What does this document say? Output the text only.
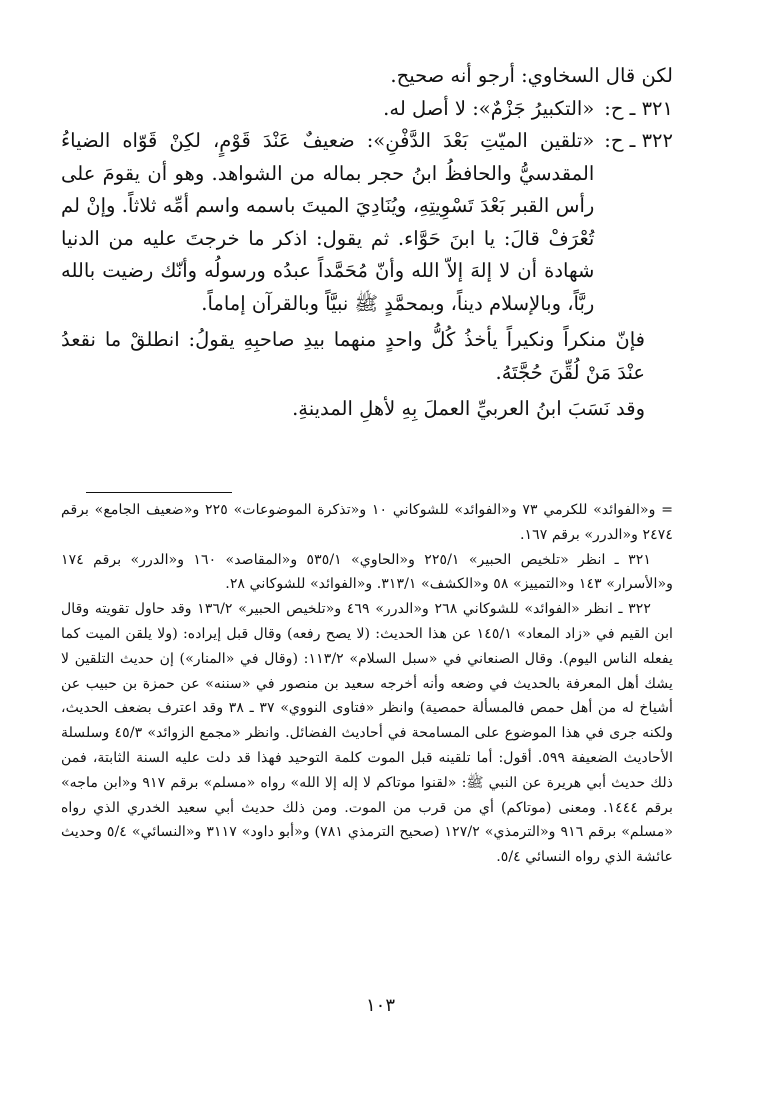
لكن قال السخاوي: أرجو أنه صحيح.

٣٢١ ـ ح:
«التكبيرُ جَزْمٌ»: لا أصل له.
٣٢٢ ـ ح:
«تلقين الميّتِ بَعْدَ الدَّفْنِ»: ضعيفٌ عَنْدَ قَوْمٍ، لكِنْ قَوّاه الضياءُ المقدسيُّ والحافظُ ابنُ حجر بماله من الشواهد. وهو أن يقومَ على رأس القبر بَعْدَ تَسْوِيتِهِ، ويُنَادِيَ الميتَ باسمه واسم أمِّه ثلاثاً. وإنْ لم تُعْرَفْ قالَ: يا ابنَ حَوَّاء. ثم يقول: اذكر ما خرجتَ عليه من الدنيا شهادة أن لا إلهَ إلاّ الله وأنّ مُحَمَّداً عبدُه ورسولُه وأنّك رضيت بالله ربَّاً، وبالإسلام ديناً، وبمحمَّدٍ ﷺ نبيَّاً وبالقرآن إماماً.

فإنّ منكراً ونكيراً يأخذُ كُلُّ واحدٍ منهما بيدِ صاحبِهِ يقولُ: انطلقْ ما نقعدُ عنْدَ مَنْ لُقِّنَ حُجَّتَهُ.

وقد نَسَبَ ابنُ العربيِّ العملَ بِهِ لأهلِ المدينةِ.

= و«الفوائد» للكرمي ٧٣ و«الفوائد» للشوكاني ١٠ و«تذكرة الموضوعات» ٢٢٥ و«ضعيف الجامع» برقم ٢٤٧٤ و«الدرر» برقم ١٦٧.

٣٢١ ـ انظر «تلخيص الحبير» ٢٢٥/١ و«الحاوي» ٥٣٥/١ و«المقاصد» ١٦٠ و«الدرر» برقم ١٧٤ و«الأسرار» ١٤٣ و«التمييز» ٥٨ و«الكشف» ٣١٣/١. و«الفوائد» للشوكاني ٢٨.

٣٢٢ ـ انظر «الفوائد» للشوكاني ٢٦٨ و«الدرر» ٤٦٩ و«تلخيص الحبير» ١٣٦/٢ وقد حاول تقويته وقال ابن القيم في «زاد المعاد» ١٤٥/١ عن هذا الحديث: (لا يصح رفعه) وقال قبل إيراده: (ولا يلقن الميت كما يفعله الناس اليوم). وقال الصنعاني في «سبل السلام» ١١٣/٢: (وقال في «المنار») إن حديث التلقين لا يشك أهل المعرفة بالحديث في وضعه وأنه أخرجه سعيد بن منصور في «سننه» عن حمزة بن حبيب عن أشياخ له من أهل حمص فالمسألة حمصية) وانظر «فتاوى النووي» ٣٧ ـ ٣٨ وقد اعترف بضعف الحديث، ولكنه جرى في هذا الموضوع على المسامحة في أحاديث الفضائل. وانظر «مجمع الزوائد» ٤٥/٣ وسلسلة الأحاديث الضعيفة ٥٩٩. أقول: أما تلقينه قبل الموت كلمة التوحيد فهذا قد دلت عليه السنة الثابتة، فمن ذلك حديث أبي هريرة عن النبي ﷺ: «لقنوا موتاكم لا إله إلا الله» رواه «مسلم» برقم ٩١٧ و«ابن ماجه» برقم ١٤٤٤. ومعنى (موتاكم) أي من قرب من الموت. ومن ذلك حديث أبي سعيد الخدري الذي رواه «مسلم» برقم ٩١٦ و«الترمذي» ١٢٧/٢ (صحيح الترمذي ٧٨١) و«أبو داود» ٣١١٧ و«النسائي» ٥/٤ وحديث عائشة الذي رواه النسائي ٥/٤.

١٠٣
